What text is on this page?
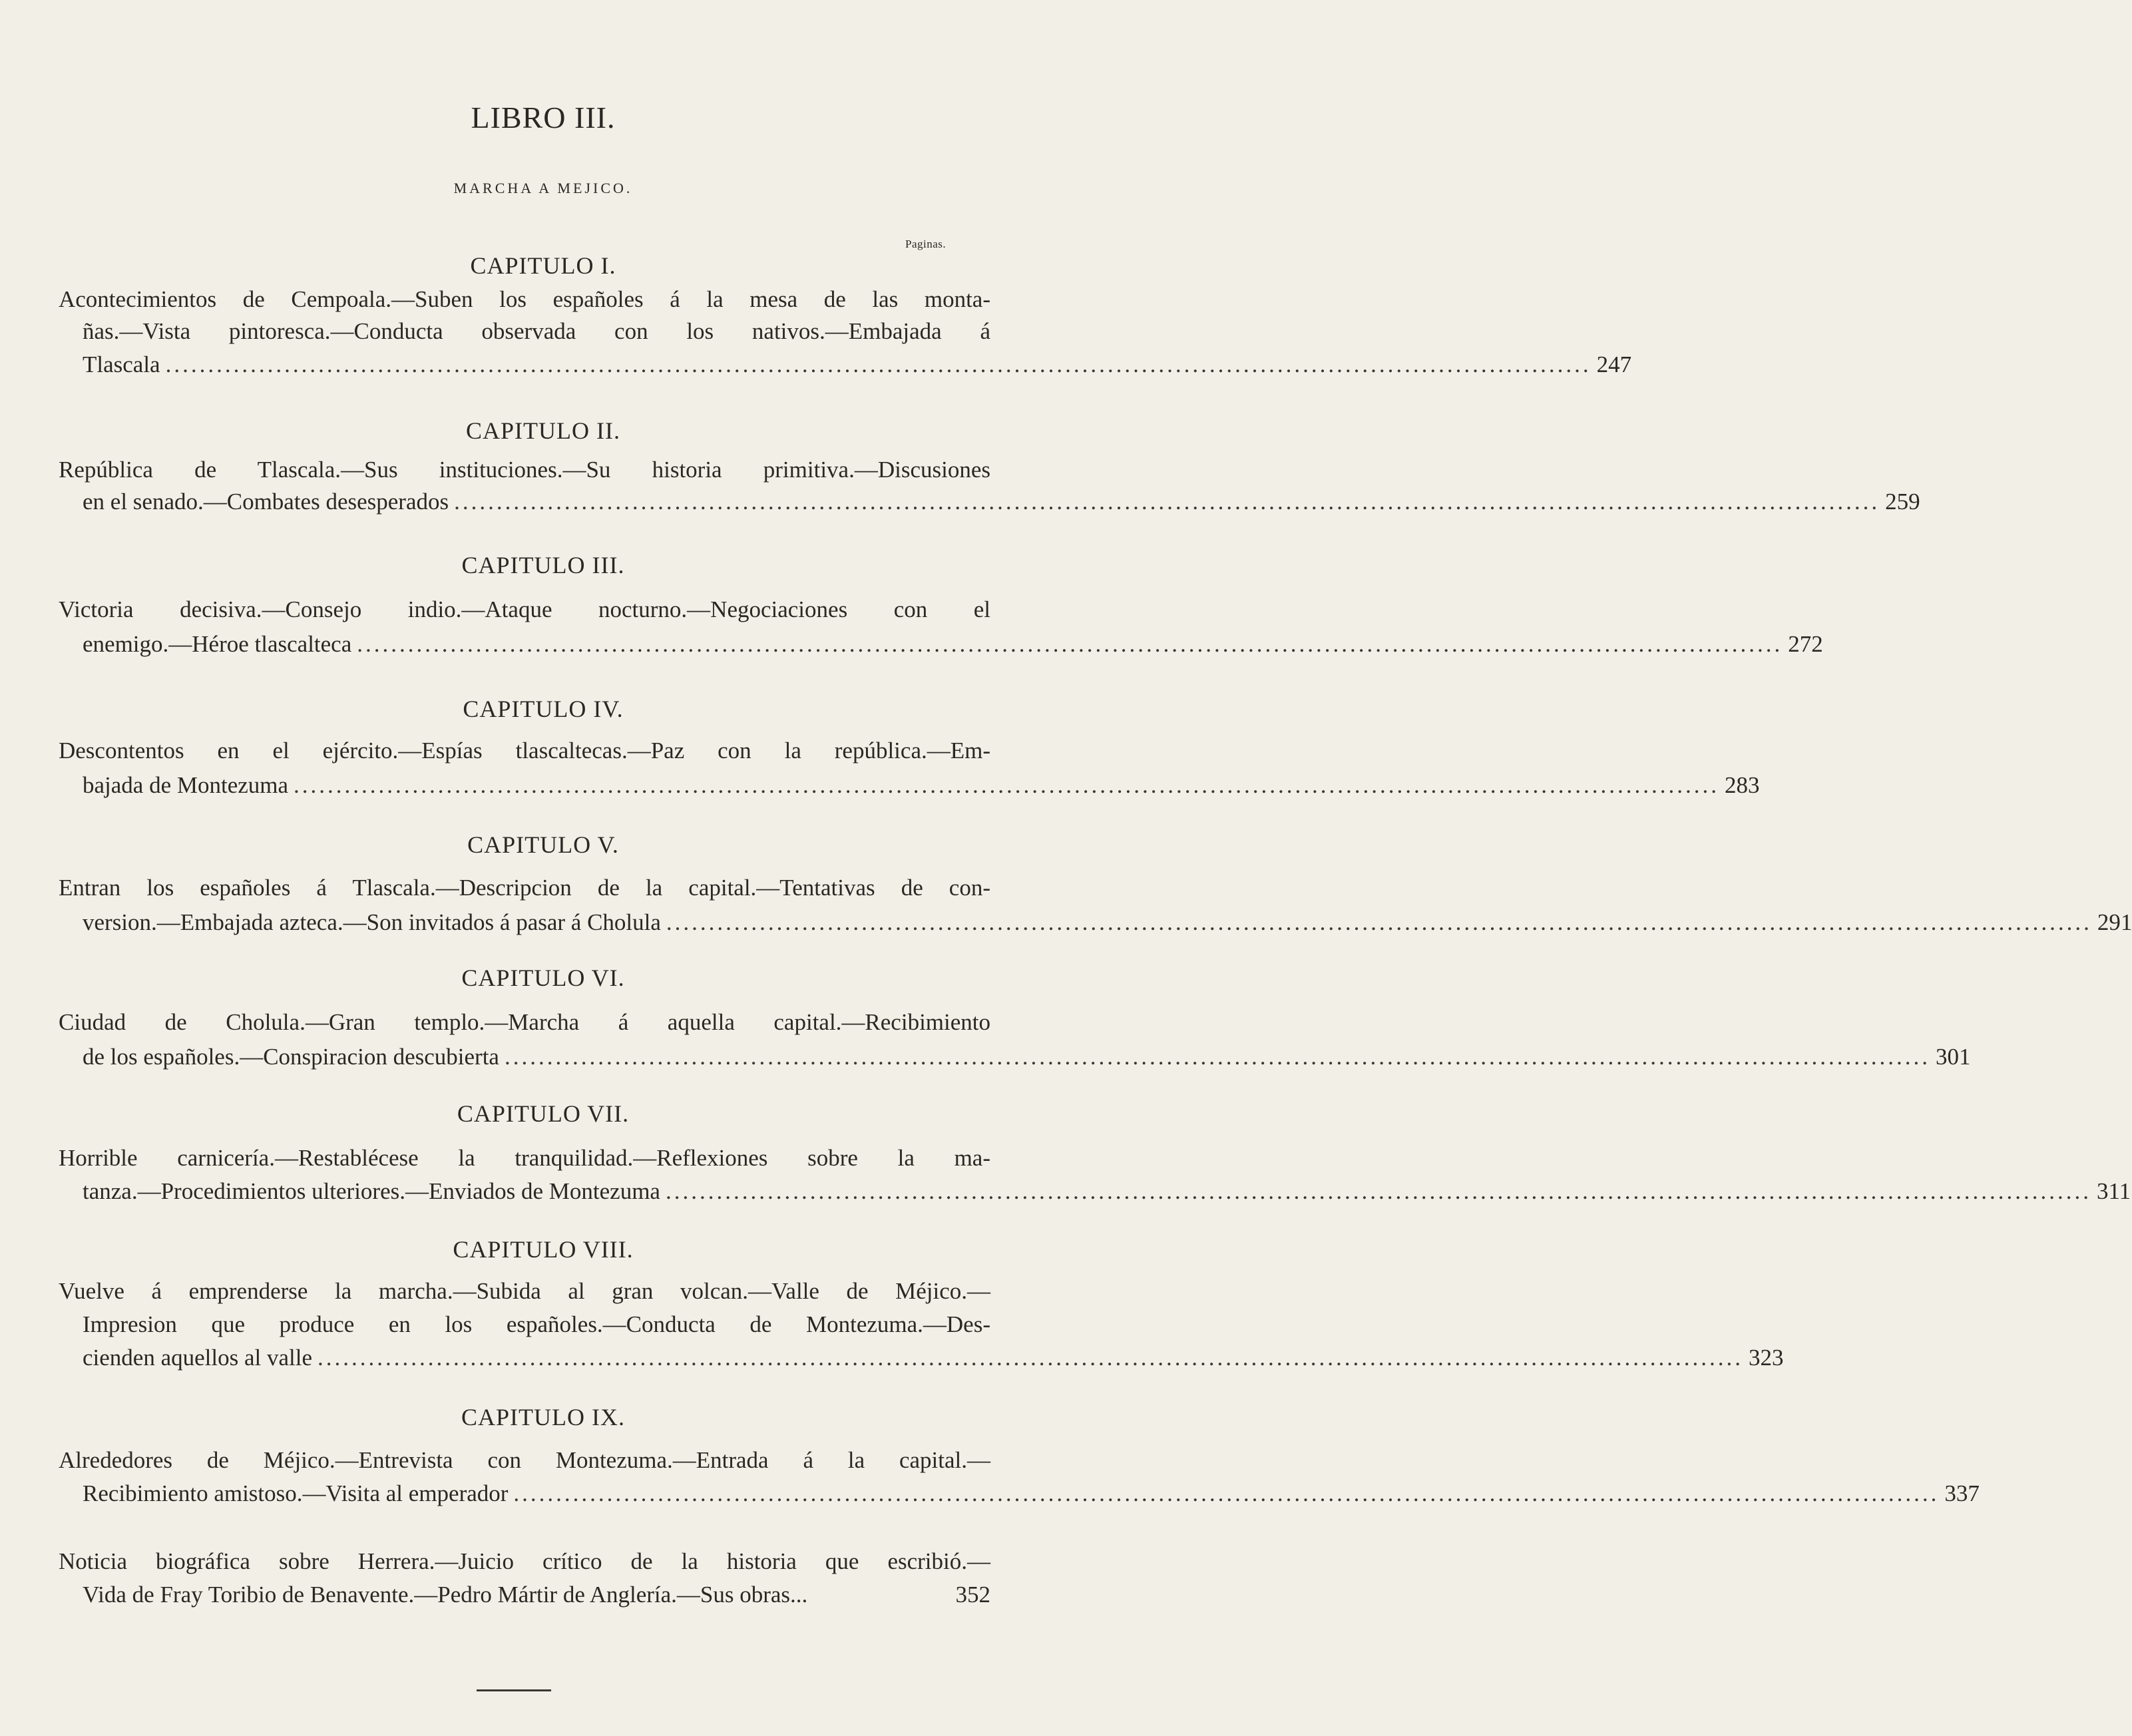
LIBRO III.
MARCHA A MEJICO.
Paginas.
CAPITULO I.
Acontecimientos de Cempoala.—Suben los españoles á la mesa de las monta-
ñas.—Vista pintoresca.—Conducta observada con los nativos.—Embajada á
Tlascala ........................................................................................................................................................................ 247
CAPITULO II.
República de Tlascala.—Sus instituciones.—Su historia primitiva.—Discusiones
en el senado.—Combates desesperados ........................................................................................................................................................................ 259
CAPITULO III.
Victoria decisiva.—Consejo indio.—Ataque nocturno.—Negociaciones con el
enemigo.—Héroe tlascalteca ........................................................................................................................................................................ 272
CAPITULO IV.
Descontentos en el ejército.—Espías tlascaltecas.—Paz con la república.—Em-
bajada de Montezuma ........................................................................................................................................................................ 283
CAPITULO V.
Entran los españoles á Tlascala.—Descripcion de la capital.—Tentativas de con-
version.—Embajada azteca.—Son invitados á pasar á Cholula ........................................................................................................................................................................ 291
CAPITULO VI.
Ciudad de Cholula.—Gran templo.—Marcha á aquella capital.—Recibimiento
de los españoles.—Conspiracion descubierta ........................................................................................................................................................................ 301
CAPITULO VII.
Horrible carnicería.—Restablécese la tranquilidad.—Reflexiones sobre la ma-
tanza.—Procedimientos ulteriores.—Enviados de Montezuma ........................................................................................................................................................................ 311
CAPITULO VIII.
Vuelve á emprenderse la marcha.—Subida al gran volcan.—Valle de Méjico.—
Impresion que produce en los españoles.—Conducta de Montezuma.—Des-
cienden aquellos al valle ........................................................................................................................................................................ 323
CAPITULO IX.
Alrededores de Méjico.—Entrevista con Montezuma.—Entrada á la capital.—
Recibimiento amistoso.—Visita al emperador ........................................................................................................................................................................ 337
Noticia biográfica sobre Herrera.—Juicio crítico de la historia que escribió.—
Vida de Fray Toribio de Benavente.—Pedro Mártir de Anglería.—Sus obras...	352
